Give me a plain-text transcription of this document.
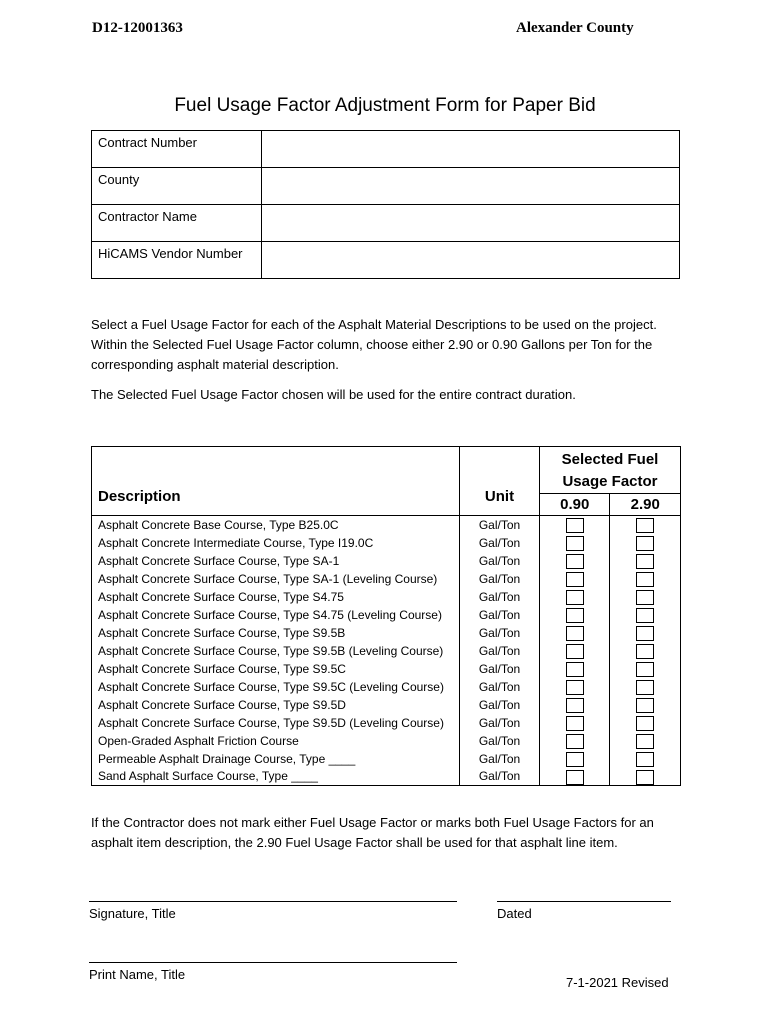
D12-12001363	Alexander County
Fuel Usage Factor Adjustment Form for Paper Bid
Contract Number	
County	
Contractor Name	
HiCAMS Vendor Number	
Select a Fuel Usage Factor for each of the Asphalt Material Descriptions to be used on the project. Within the Selected Fuel Usage Factor column, choose either 2.90 or 0.90 Gallons per Ton for the corresponding asphalt material description.
The Selected Fuel Usage Factor chosen will be used for the entire contract duration.
Description	Unit	Selected Fuel Usage Factor	
		0.90	2.90
Asphalt Concrete Base Course, Type B25.0C	Gal/Ton		
Asphalt Concrete Intermediate Course, Type I19.0C	Gal/Ton		
Asphalt Concrete Surface Course, Type SA-1	Gal/Ton		
Asphalt Concrete Surface Course, Type SA-1 (Leveling Course)	Gal/Ton		
Asphalt Concrete Surface Course, Type S4.75	Gal/Ton		
Asphalt Concrete Surface Course, Type S4.75 (Leveling Course)	Gal/Ton		
Asphalt Concrete Surface Course, Type S9.5B	Gal/Ton		
Asphalt Concrete Surface Course, Type S9.5B (Leveling Course)	Gal/Ton		
Asphalt Concrete Surface Course, Type S9.5C	Gal/Ton		
Asphalt Concrete Surface Course, Type S9.5C (Leveling Course)	Gal/Ton		
Asphalt Concrete Surface Course, Type S9.5D	Gal/Ton		
Asphalt Concrete Surface Course, Type S9.5D (Leveling Course)	Gal/Ton		
Open-Graded Asphalt Friction Course	Gal/Ton		
Permeable Asphalt Drainage Course, Type ____	Gal/Ton		
Sand Asphalt Surface Course, Type ____	Gal/Ton		
If the Contractor does not mark either Fuel Usage Factor or marks both Fuel Usage Factors for an asphalt item description, the 2.90 Fuel Usage Factor shall be used for that asphalt line item.
Signature, Title	Dated
Print Name, Title
7-1-2021 Revised
